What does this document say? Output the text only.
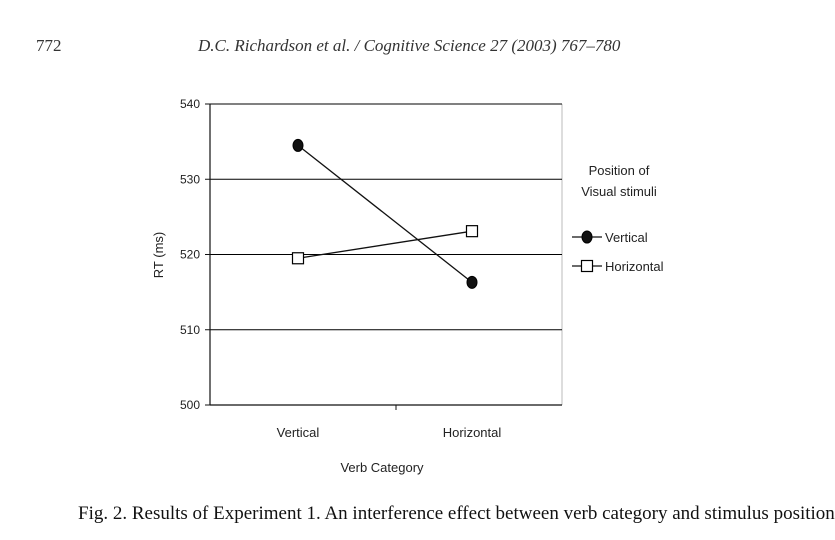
772	D.C. Richardson et al. / Cognitive Science 27 (2003) 767–780
500
510
520
530
540
Vertical	Horizontal
Verb Category
RT (ms)	Vertical
Horizontal
Position of Visual stimuli
Fig. 2. Results of Experiment 1. An interference effect between verb category and stimulus position
